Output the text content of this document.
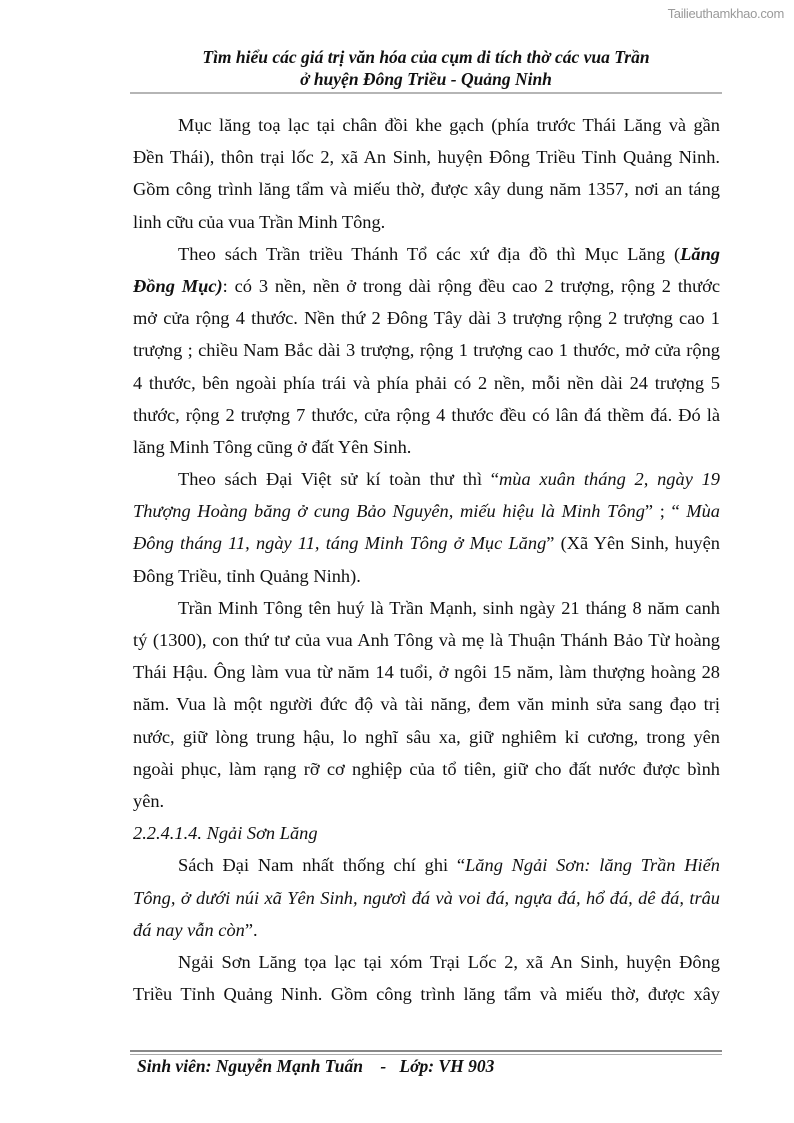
Tailieuthamkhao.com
Tìm hiểu các giá trị văn hóa của cụm di tích thờ các vua Trần
ở huyện Đông Triều - Quảng Ninh
Mục lăng toạ lạc tại chân đồi khe gạch (phía trước Thái Lăng và gần
Đền Thái), thôn trại lốc 2, xã An Sinh, huyện Đông Triều Tỉnh Quảng Ninh.
Gồm công trình lăng tẩm và miếu thờ, được xây dung năm 1357, nơi an táng
linh cữu của vua Trần Minh Tông.
Theo sách Trần triều Thánh Tổ các xứ địa đồ thì Mục Lăng (Lăng
Đồng Mục): có 3 nền, nền ở trong dài rộng đều cao 2 trượng, rộng 2 thước
mở cửa rộng 4 thước. Nền thứ 2 Đông Tây dài 3 trượng rộng 2 trượng cao 1
trượng ; chiều Nam Bắc dài 3 trượng, rộng 1 trượng cao 1 thước, mở cửa rộng
4 thước, bên ngoài phía trái và phía phải có 2 nền, mỗi nền dài 24 trượng 5
thước, rộng 2 trượng 7 thước, cửa rộng 4 thước đều có lân đá thềm đá. Đó là
lăng Minh Tông cũng ở đất Yên Sinh.
Theo sách Đại Việt sử kí toàn thư thì “mùa xuân tháng 2, ngày 19
Thượng Hoàng băng ở cung Bảo Nguyên, miếu hiệu là Minh Tông” ; “ Mùa
Đông tháng 11, ngày 11, táng Minh Tông ở Mục Lăng” (Xã Yên Sinh, huyện
Đông Triều, tỉnh Quảng Ninh).
Trần Minh Tông tên huý là Trần Mạnh, sinh ngày 21 tháng 8 năm canh
tý (1300), con thứ tư của vua Anh Tông và mẹ là Thuận Thánh Bảo Từ hoàng
Thái Hậu. Ông làm vua từ năm 14 tuổi, ở ngôi 15 năm, làm thượng hoàng 28
năm. Vua là một người đức độ và tài năng, đem văn minh sửa sang đạo trị
nước, giữ lòng trung hậu, lo nghĩ sâu xa, giữ nghiêm kỉ cương, trong yên
ngoài phục, làm rạng rỡ cơ nghiệp của tổ tiên, giữ cho đất nước được bình
yên.
2.2.4.1.4. Ngải Sơn Lăng
Sách Đại Nam nhất thống chí ghi “Lăng Ngải Sơn: lăng Trần Hiến
Tông, ở dưới núi xã Yên Sinh, ngươì đá và voi đá, ngựa đá, hổ đá, dê đá, trâu
đá nay vẫn còn”.
Ngải Sơn Lăng tọa lạc tại xóm Trại Lốc 2, xã An Sinh, huyện Đông
Triều Tỉnh Quảng Ninh. Gồm công trình lăng tẩm và miếu thờ, được xây
Sinh viên: Nguyễn Mạnh Tuấn    -   Lớp: VH 903
